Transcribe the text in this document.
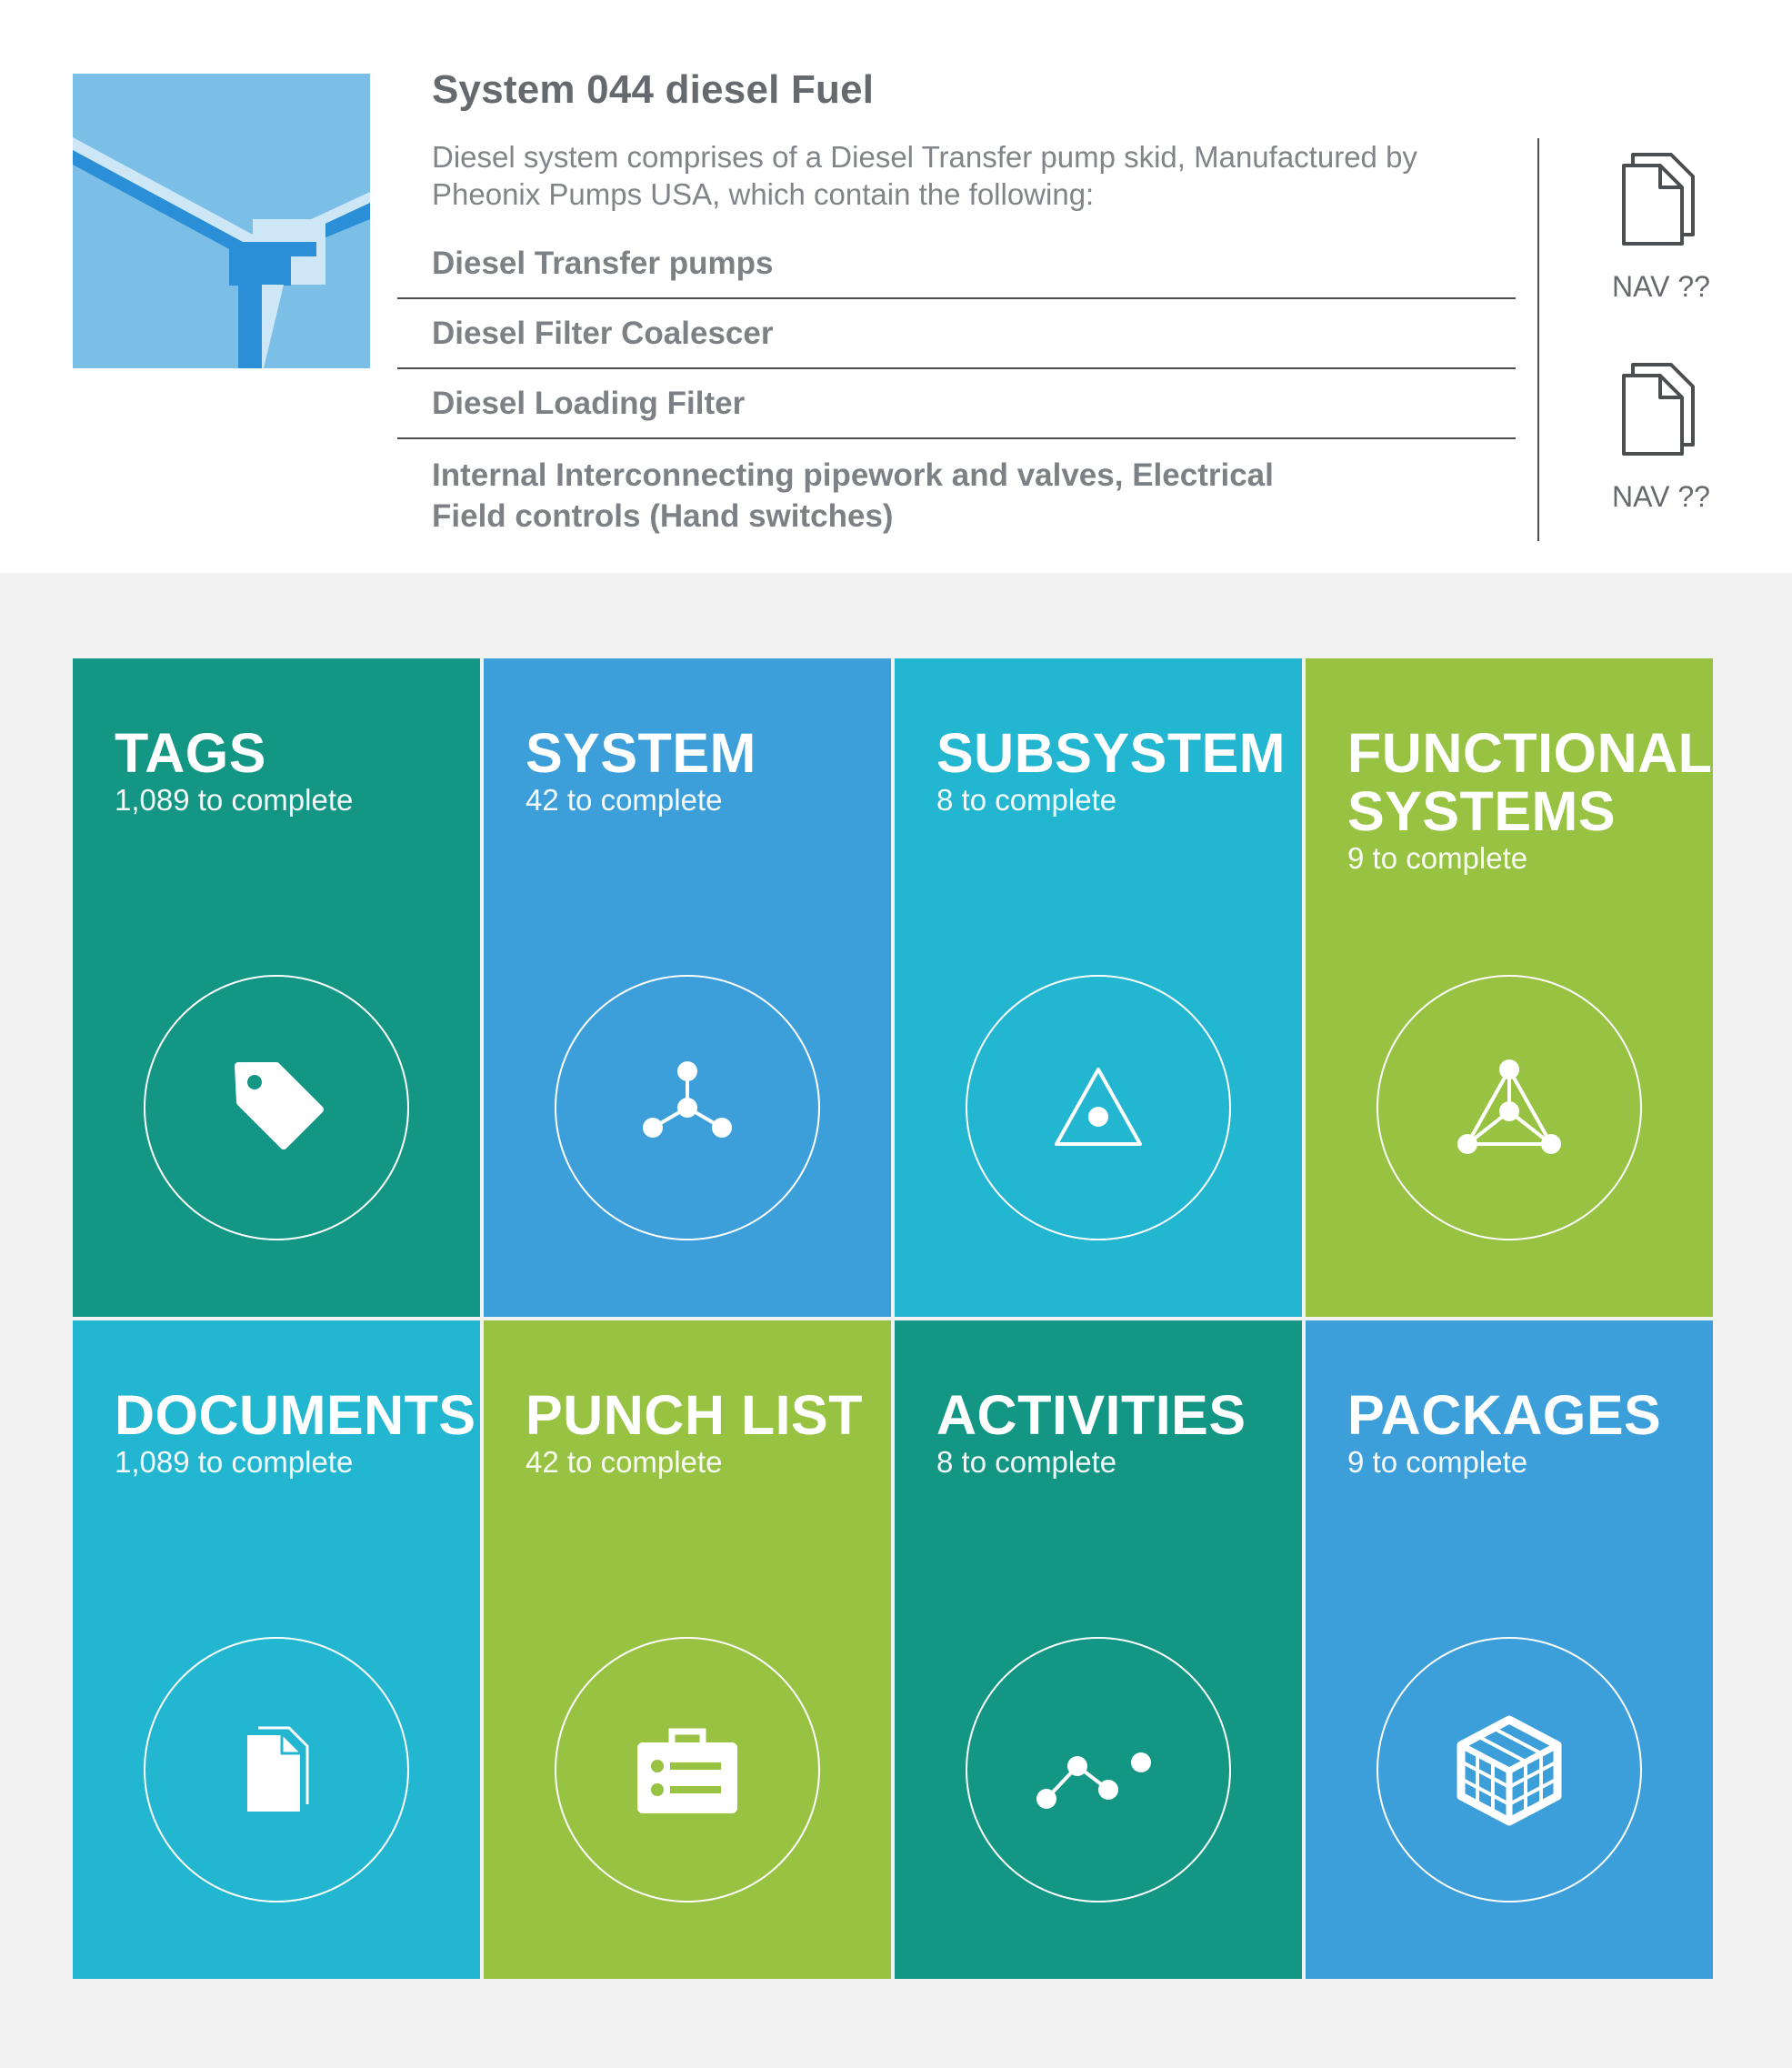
System 044 diesel Fuel
Diesel system comprises of a Diesel Transfer pump skid, Manufactured by Pheonix Pumps USA, which contain the following:
Diesel Transfer pumps
Diesel Filter Coalescer
Diesel Loading Filter
Internal Interconnecting pipework and valves, Electrical Field controls (Hand switches)
NAV ??
NAV ??
TAGS
1,089 to complete
SYSTEM
42 to complete
SUBSYSTEM
8 to complete
FUNCTIONAL
SYSTEMS
9 to complete
DOCUMENTS
1,089 to complete
PUNCH LIST
42 to complete
ACTIVITIES
8 to complete
PACKAGES
9 to complete
